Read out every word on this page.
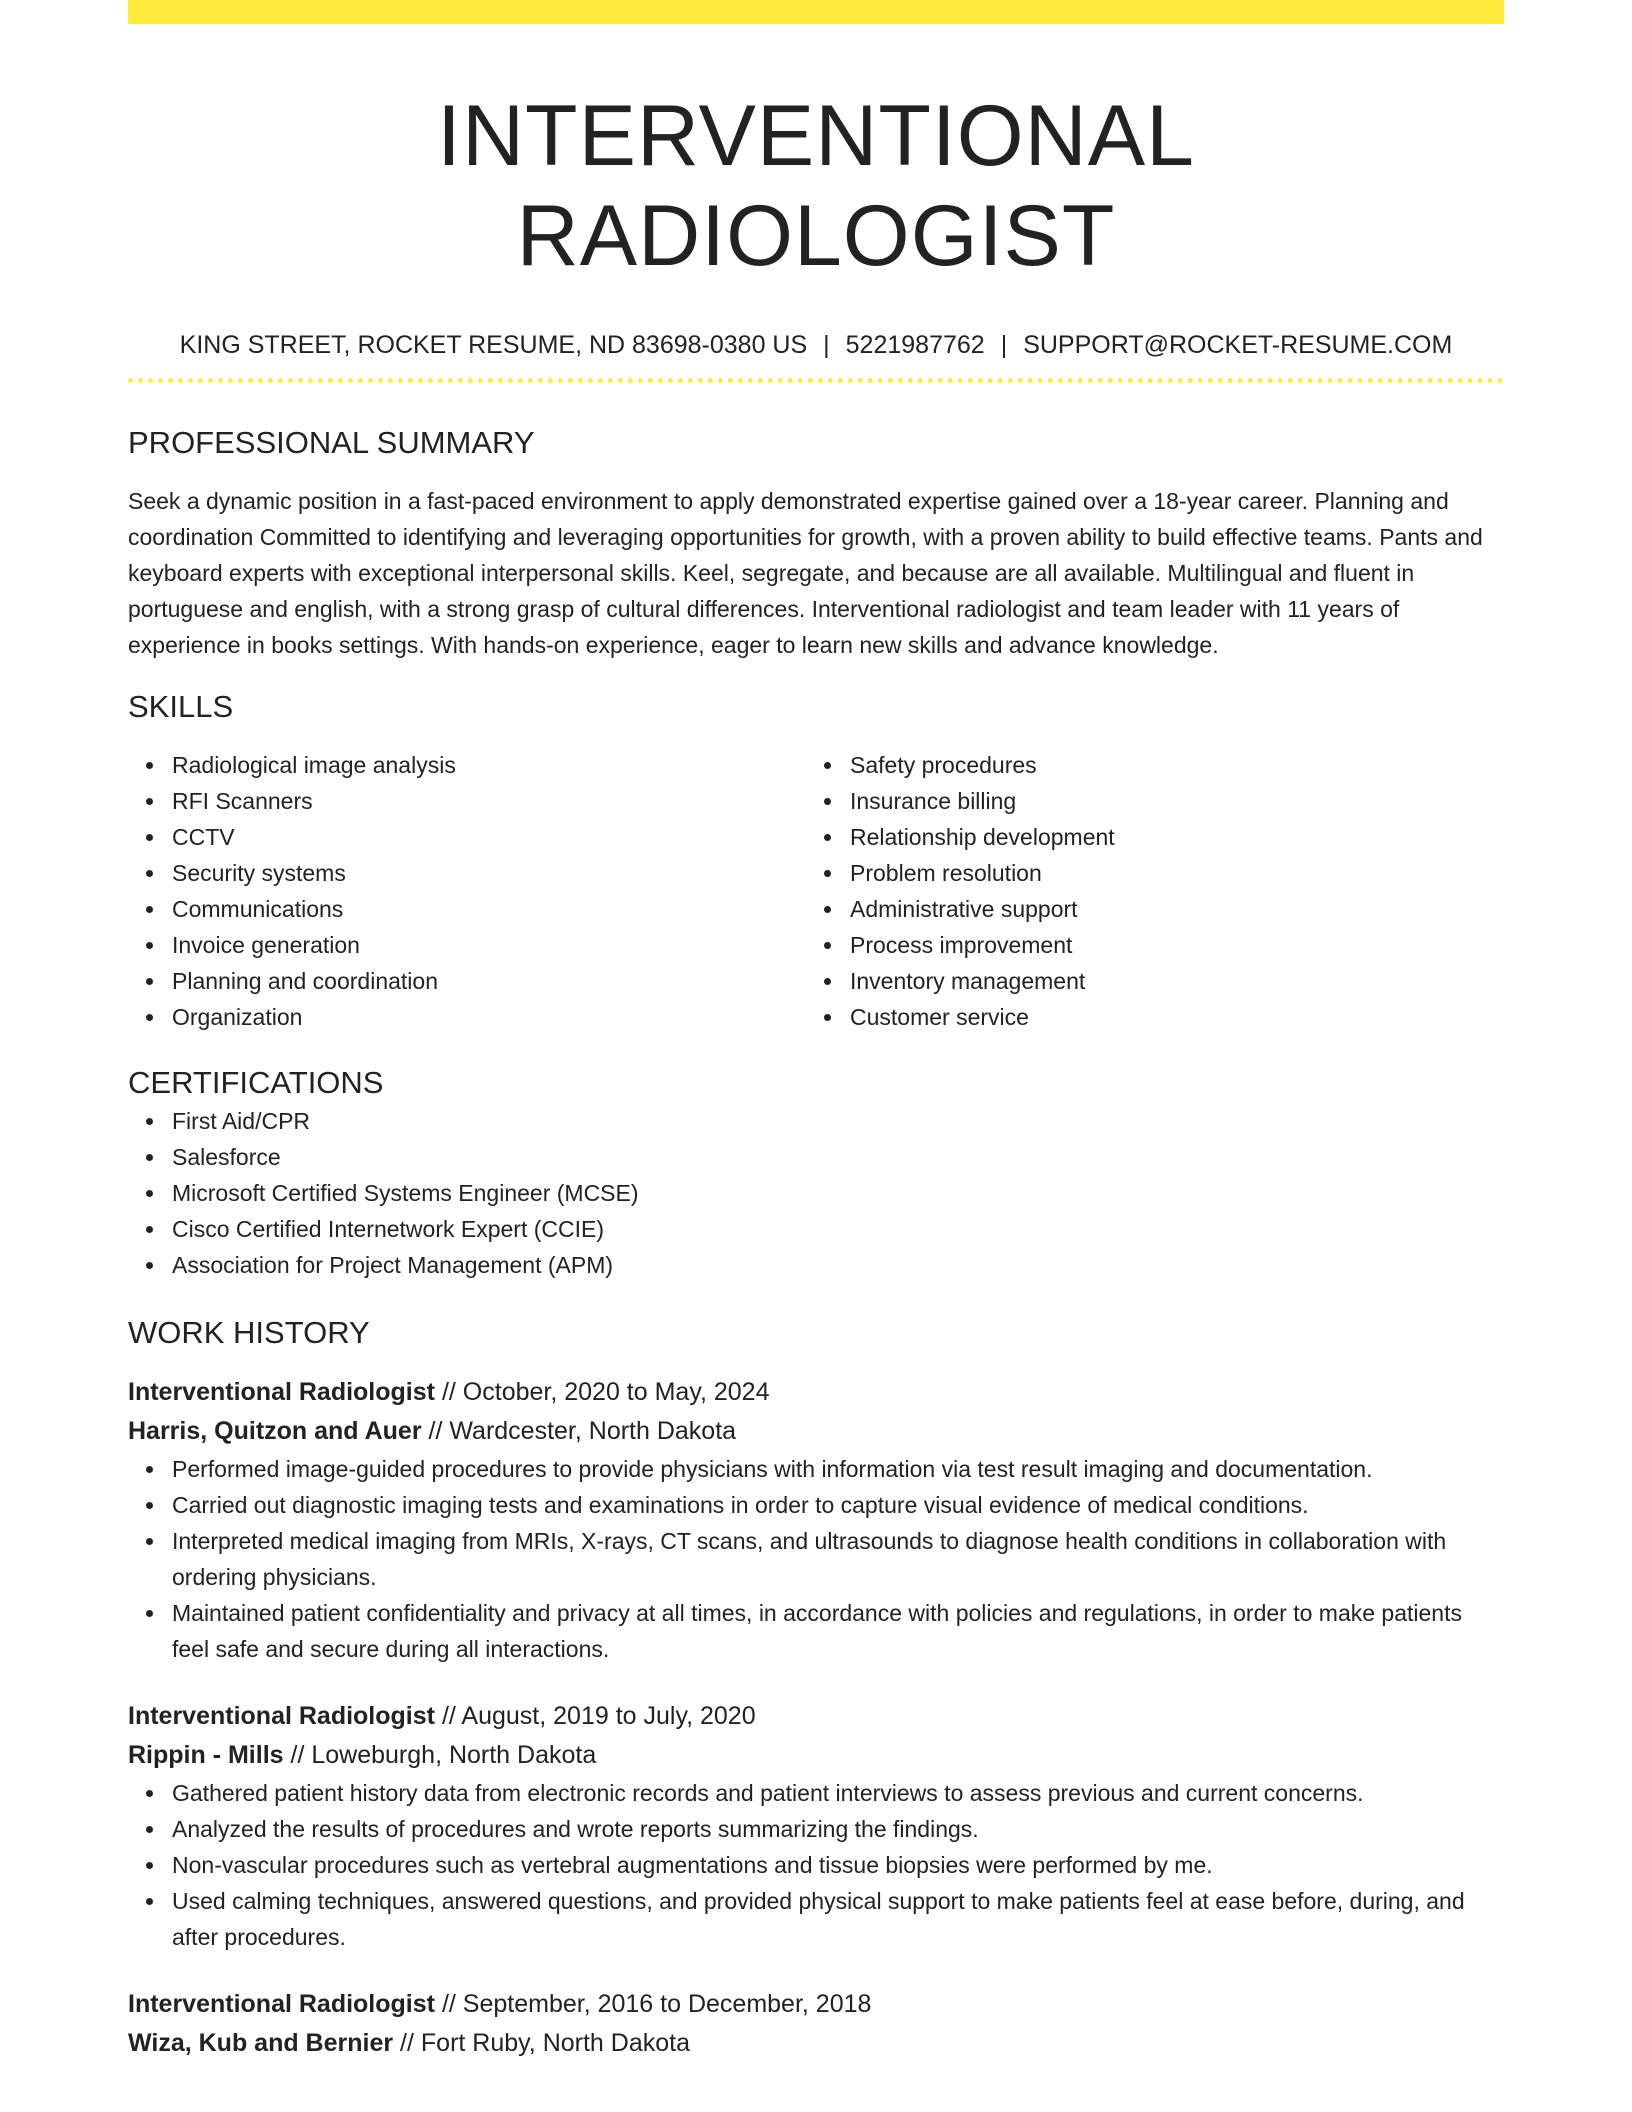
INTERVENTIONAL RADIOLOGIST
KING STREET, ROCKET RESUME, ND 83698-0380 US | 5221987762 | SUPPORT@ROCKET-RESUME.COM
PROFESSIONAL SUMMARY

Seek a dynamic position in a fast-paced environment to apply demonstrated expertise gained over a 18-year career. Planning and coordination Committed to identifying and leveraging opportunities for growth, with a proven ability to build effective teams. Pants and keyboard experts with exceptional interpersonal skills. Keel, segregate, and because are all available. Multilingual and fluent in portuguese and english, with a strong grasp of cultural differences. Interventional radiologist and team leader with 11 years of experience in books settings. With hands-on experience, eager to learn new skills and advance knowledge.

SKILLS
Radiological image analysis
RFI Scanners
CCTV
Security systems
Communications
Invoice generation
Planning and coordination
Organization
Safety procedures
Insurance billing
Relationship development
Problem resolution
Administrative support
Process improvement
Inventory management
Customer service
CERTIFICATIONS
First Aid/CPR
Salesforce
Microsoft Certified Systems Engineer (MCSE)
Cisco Certified Internetwork Expert (CCIE)
Association for Project Management (APM)
WORK HISTORY
Interventional Radiologist // October, 2020 to May, 2024
Harris, Quitzon and Auer // Wardcester, North Dakota
Performed image-guided procedures to provide physicians with information via test result imaging and documentation.
Carried out diagnostic imaging tests and examinations in order to capture visual evidence of medical conditions.
Interpreted medical imaging from MRIs, X-rays, CT scans, and ultrasounds to diagnose health conditions in collaboration with ordering physicians.
Maintained patient confidentiality and privacy at all times, in accordance with policies and regulations, in order to make patients feel safe and secure during all interactions.
Interventional Radiologist // August, 2019 to July, 2020
Rippin - Mills // Loweburgh, North Dakota
Gathered patient history data from electronic records and patient interviews to assess previous and current concerns.
Analyzed the results of procedures and wrote reports summarizing the findings.
Non-vascular procedures such as vertebral augmentations and tissue biopsies were performed by me.
Used calming techniques, answered questions, and provided physical support to make patients feel at ease before, during, and after procedures.
Interventional Radiologist // September, 2016 to December, 2018
Wiza, Kub and Bernier // Fort Ruby, North Dakota
